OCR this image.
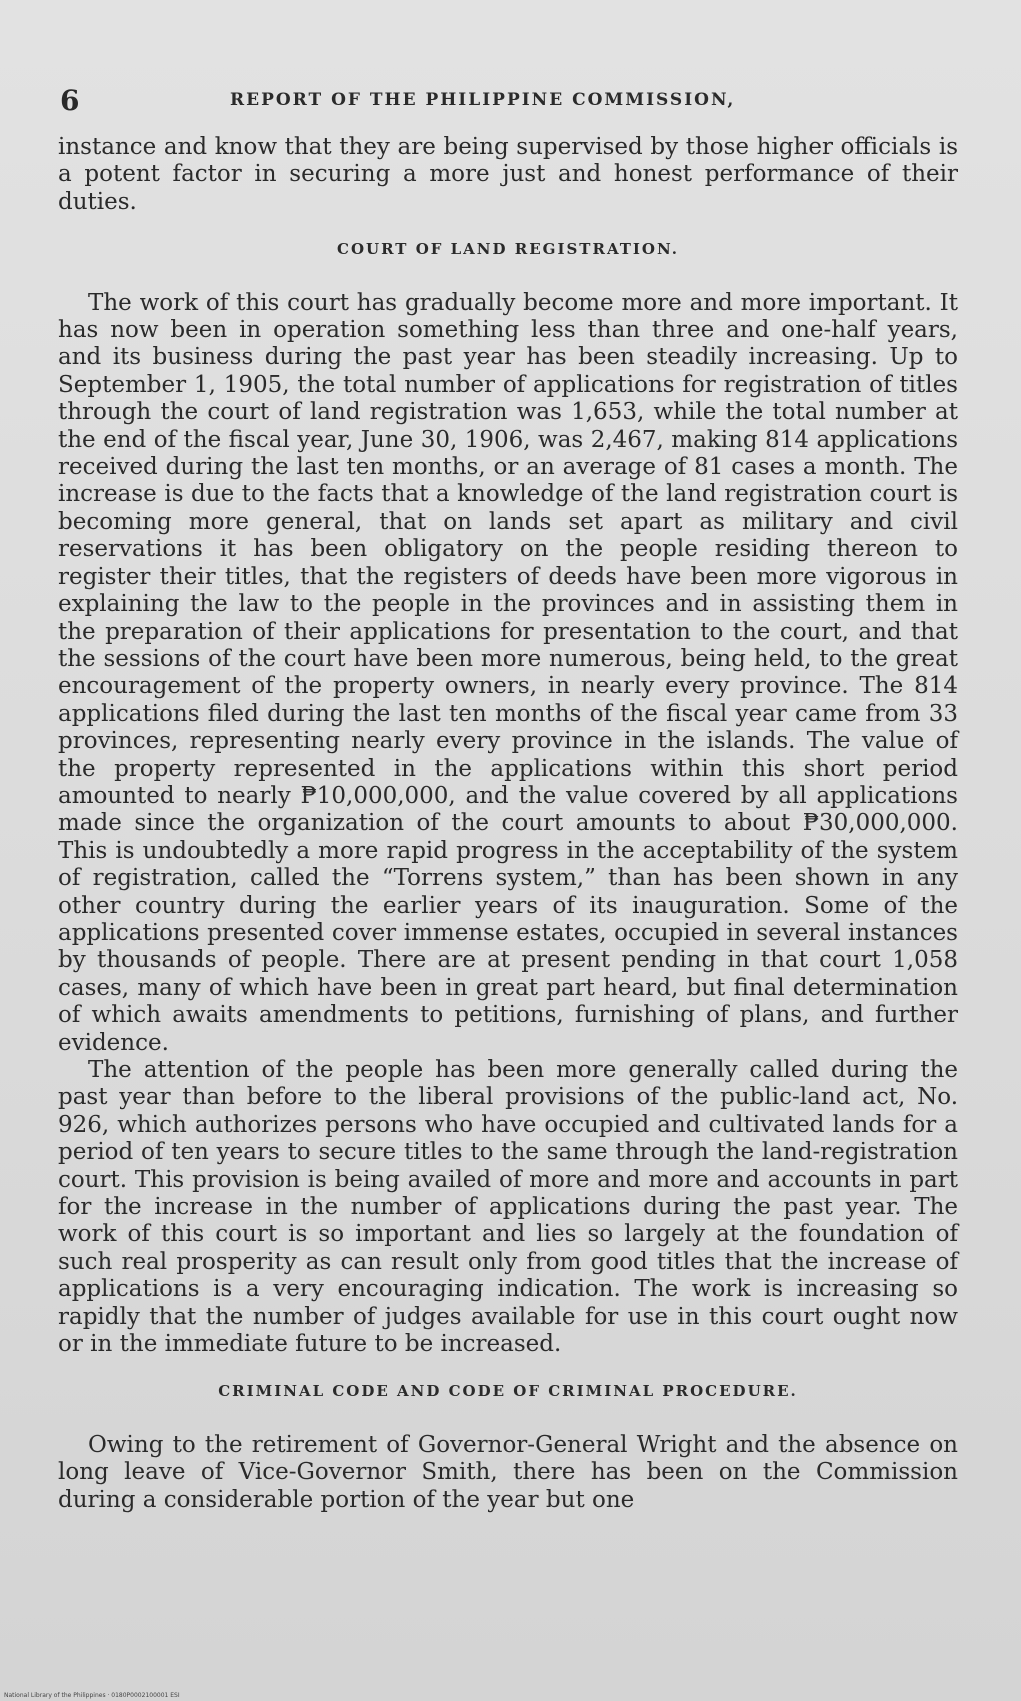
6	REPORT OF THE PHILIPPINE COMMISSION,

instance and know that they are being supervised by those higher officials is a potent factor in securing a more just and honest performance of their duties.

COURT OF LAND REGISTRATION.

The work of this court has gradually become more and more important. It has now been in operation something less than three and one-half years, and its business during the past year has been steadily increasing. Up to September 1, 1905, the total number of applications for registration of titles through the court of land registration was 1,653, while the total number at the end of the fiscal year, June 30, 1906, was 2,467, making 814 applications received during the last ten months, or an average of 81 cases a month. The increase is due to the facts that a knowledge of the land registration court is becoming more general, that on lands set apart as military and civil reservations it has been obligatory on the people residing thereon to register their titles, that the registers of deeds have been more vigorous in explaining the law to the people in the provinces and in assisting them in the preparation of their applications for presentation to the court, and that the sessions of the court have been more numerous, being held, to the great encouragement of the property owners, in nearly every province. The 814 applications filed during the last ten months of the fiscal year came from 33 provinces, representing nearly every province in the islands. The value of the property represented in the applications within this short period amounted to nearly ₱10,000,000, and the value covered by all applications made since the organization of the court amounts to about ₱30,000,000. This is undoubtedly a more rapid progress in the acceptability of the system of registration, called the “Torrens system,” than has been shown in any other country during the earlier years of its inauguration. Some of the applications presented cover immense estates, occupied in several instances by thousands of people. There are at present pending in that court 1,058 cases, many of which have been in great part heard, but final determination of which awaits amendments to petitions, furnishing of plans, and further evidence.

The attention of the people has been more generally called during the past year than before to the liberal provisions of the public-land act, No. 926, which authorizes persons who have occupied and cultivated lands for a period of ten years to secure titles to the same through the land-registration court. This provision is being availed of more and more and accounts in part for the increase in the number of applications during the past year. The work of this court is so important and lies so largely at the foundation of such real prosperity as can result only from good titles that the increase of applications is a very encouraging indication. The work is increasing so rapidly that the number of judges available for use in this court ought now or in the immediate future to be increased.

CRIMINAL CODE AND CODE OF CRIMINAL PROCEDURE.

Owing to the retirement of Governor-General Wright and the absence on long leave of Vice-Governor Smith, there has been on the Commission during a considerable portion of the year but one

National Library of the Philippines · 0180P0002100001 ESI
